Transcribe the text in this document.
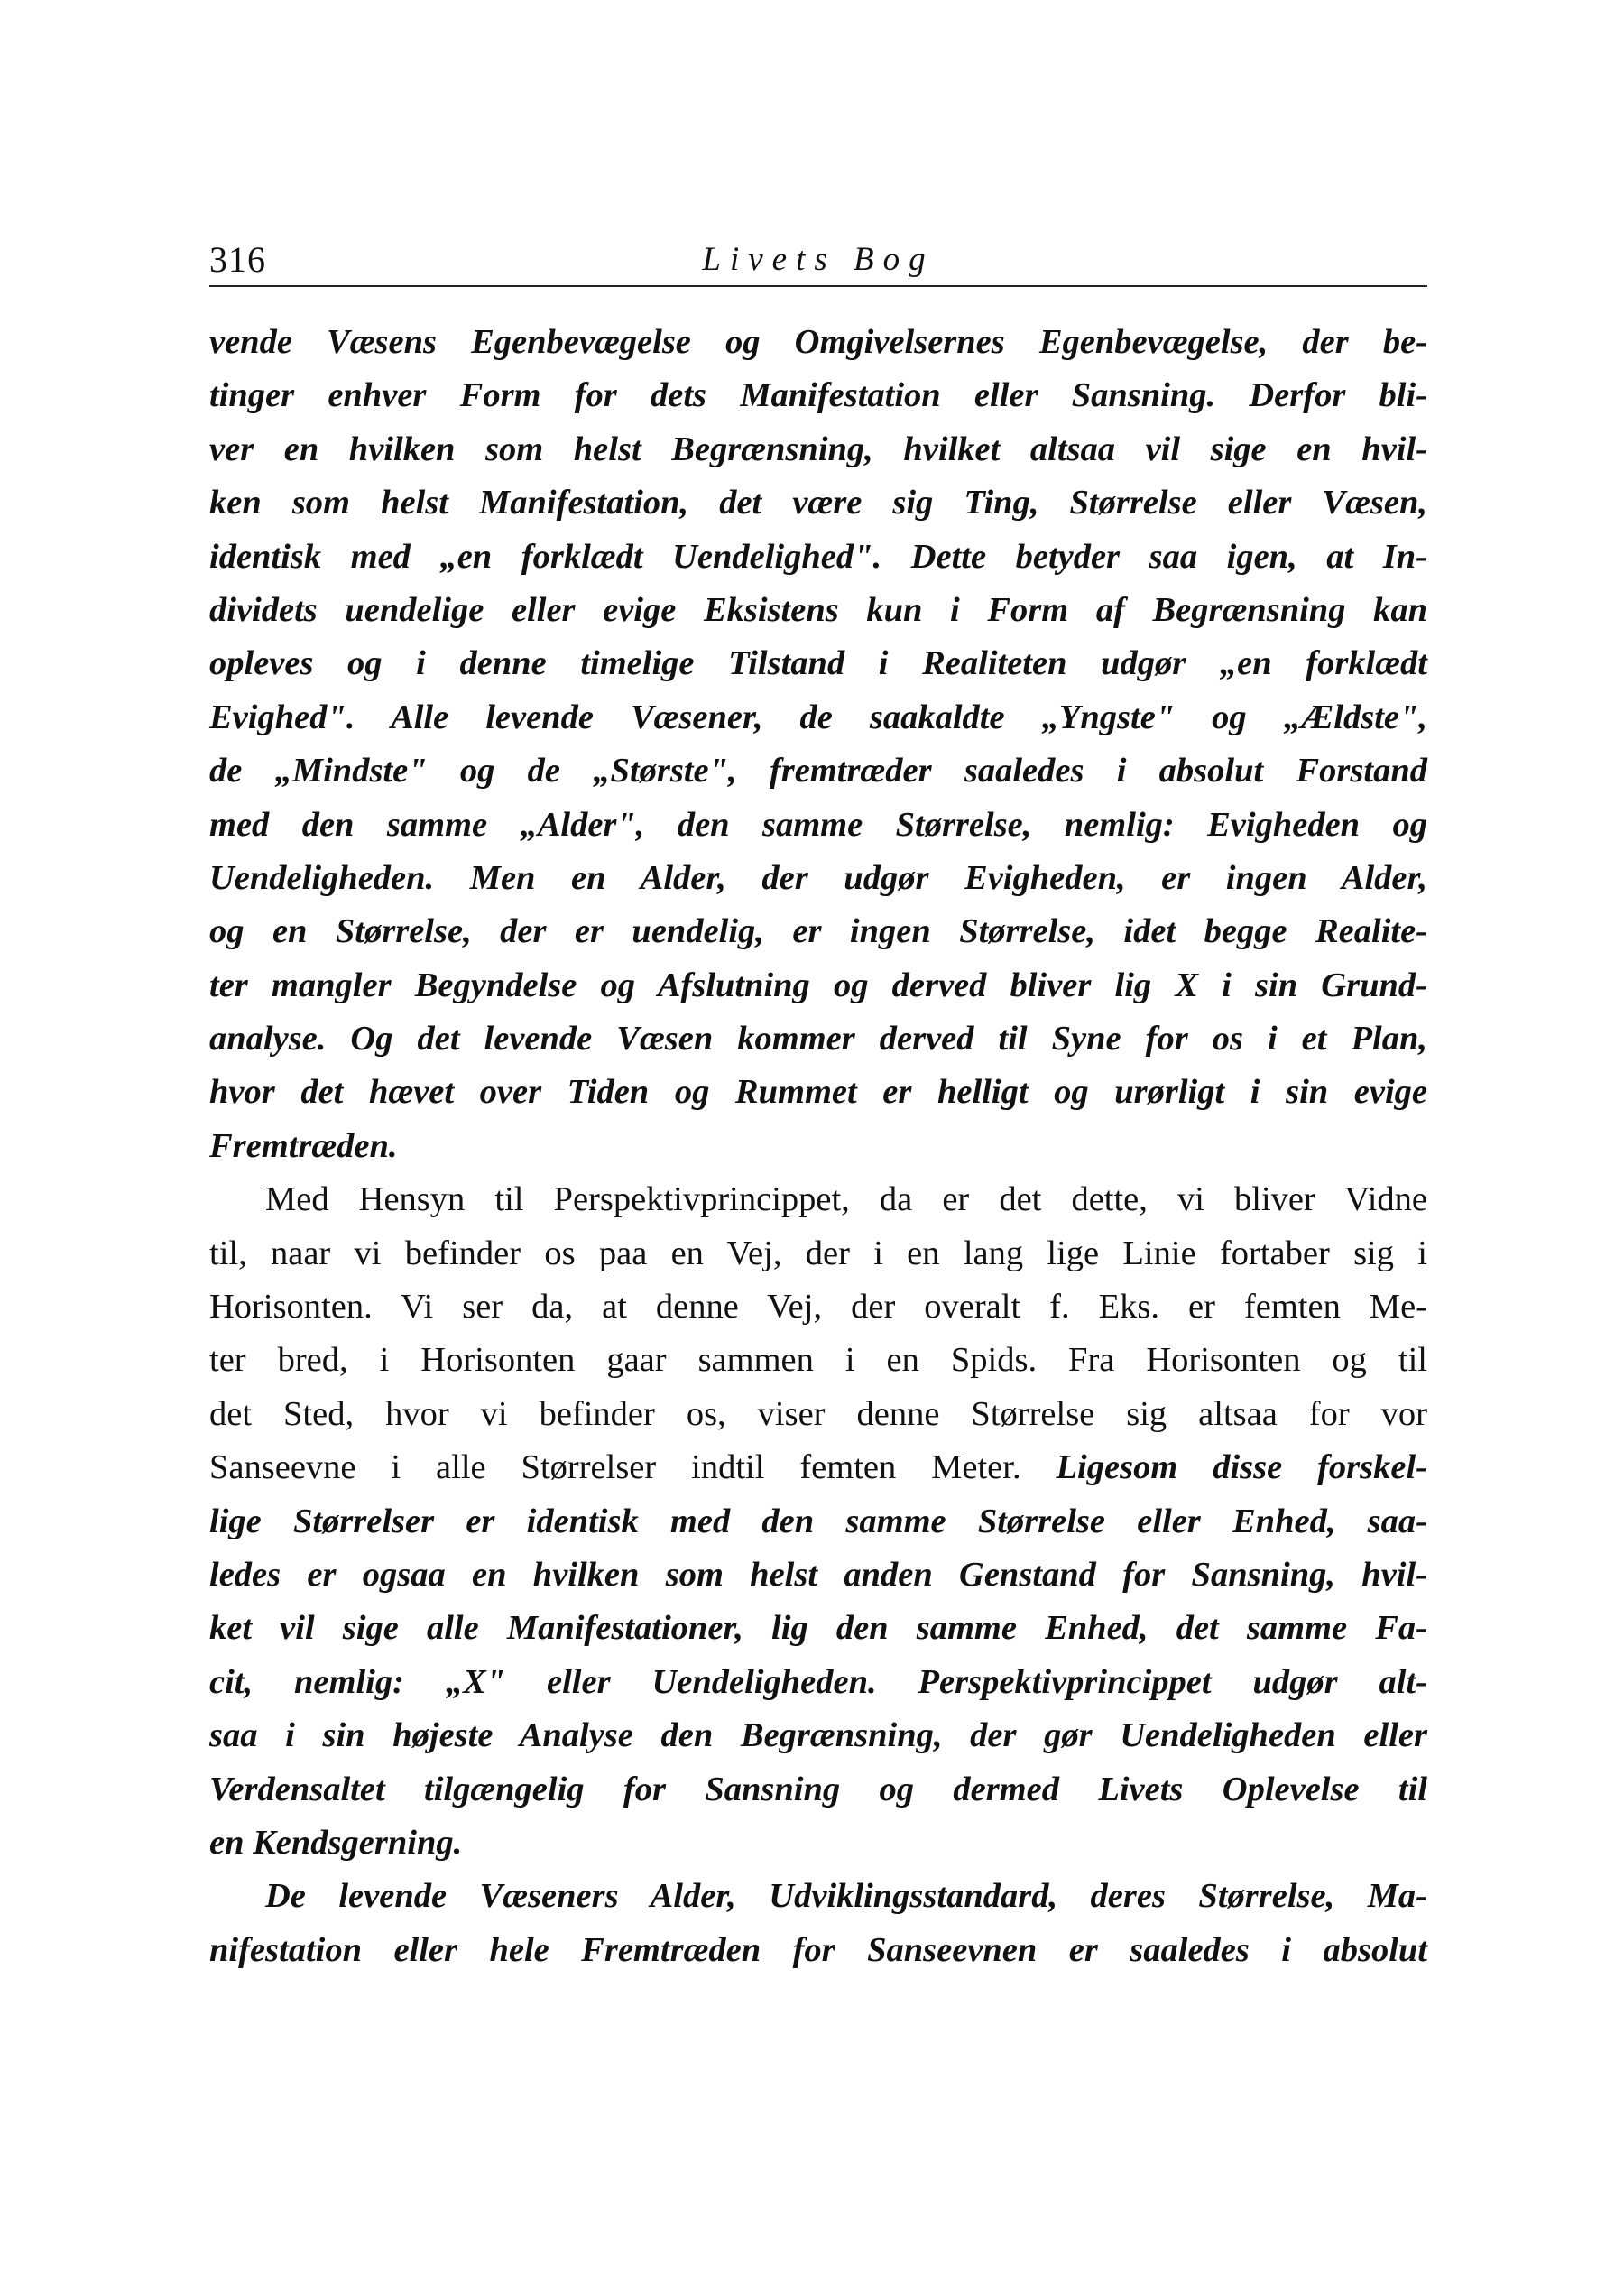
316	Livets Bog
vende Væsens Egenbevægelse og Omgivelsernes Egenbevægelse, der be-
tinger enhver Form for dets Manifestation eller Sansning. Derfor bli-
ver en hvilken som helst Begrænsning, hvilket altsaa vil sige en hvil-
ken som helst Manifestation, det være sig Ting, Størrelse eller Væsen,
identisk med „en forklædt Uendelighed". Dette betyder saa igen, at In-
dividets uendelige eller evige Eksistens kun i Form af Begrænsning kan
opleves og i denne timelige Tilstand i Realiteten udgør „en forklædt
Evighed". Alle levende Væsener, de saakaldte „Yngste" og „Ældste",
de „Mindste" og de „Største", fremtræder saaledes i absolut Forstand
med den samme „Alder", den samme Størrelse, nemlig: Evigheden og
Uendeligheden. Men en Alder, der udgør Evigheden, er ingen Alder,
og en Størrelse, der er uendelig, er ingen Størrelse, idet begge Realite-
ter mangler Begyndelse og Afslutning og derved bliver lig X i sin Grund-
analyse. Og det levende Væsen kommer derved til Syne for os i et Plan,
hvor det hævet over Tiden og Rummet er helligt og urørligt i sin evige
Fremtræden.
Med Hensyn til Perspektivprincippet, da er det dette, vi bliver Vidne
til, naar vi befinder os paa en Vej, der i en lang lige Linie fortaber sig i
Horisonten. Vi ser da, at denne Vej, der overalt f. Eks. er femten Me-
ter bred, i Horisonten gaar sammen i en Spids. Fra Horisonten og til
det Sted, hvor vi befinder os, viser denne Størrelse sig altsaa for vor
Sanseevne i alle Størrelser indtil femten Meter. Ligesom disse forskel-
lige Størrelser er identisk med den samme Størrelse eller Enhed, saa-
ledes er ogsaa en hvilken som helst anden Genstand for Sansning, hvil-
ket vil sige alle Manifestationer, lig den samme Enhed, det samme Fa-
cit, nemlig: „X" eller Uendeligheden. Perspektivprincippet udgør alt-
saa i sin højeste Analyse den Begrænsning, der gør Uendeligheden eller
Verdensaltet tilgængelig for Sansning og dermed Livets Oplevelse til
en Kendsgerning.
De levende Væseners Alder, Udviklingsstandard, deres Størrelse, Ma-
nifestation eller hele Fremtræden for Sanseevnen er saaledes i absolut
